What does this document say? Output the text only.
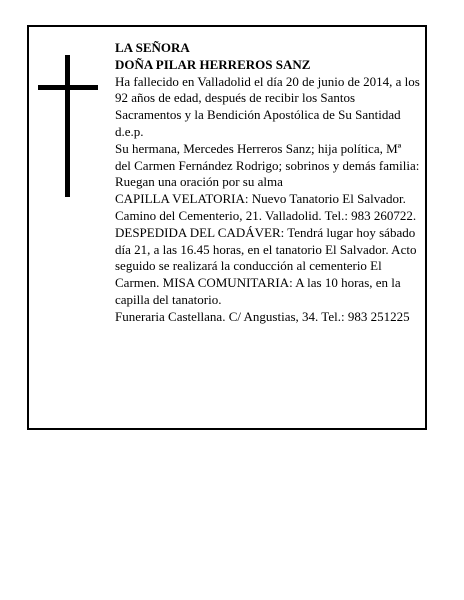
LA SEÑORA

DOÑA PILAR HERREROS SANZ

Ha fallecido en Valladolid el día 20 de junio de 2014, a los 92 años de edad, después de recibir los Santos Sacramentos y la Bendición Apostólica de Su Santidad

d.e.p.

Su hermana, Mercedes Herreros Sanz; hija política, Mª del Carmen Fernández Rodrigo; sobrinos y demás familia:

Ruegan una oración por su alma

CAPILLA VELATORIA: Nuevo Tanatorio El Salvador. Camino del Cementerio, 21. Valladolid. Tel.: 983 260722.

DESPEDIDA DEL CADÁVER: Tendrá lugar hoy sábado día 21, a las 16.45 horas, en el tanatorio El Salvador. Acto seguido se realizará la conducción al cementerio El Carmen. MISA COMUNITARIA: A las 10 horas, en la capilla del tanatorio.

Funeraria Castellana. C/ Angustias, 34. Tel.: 983 251225
